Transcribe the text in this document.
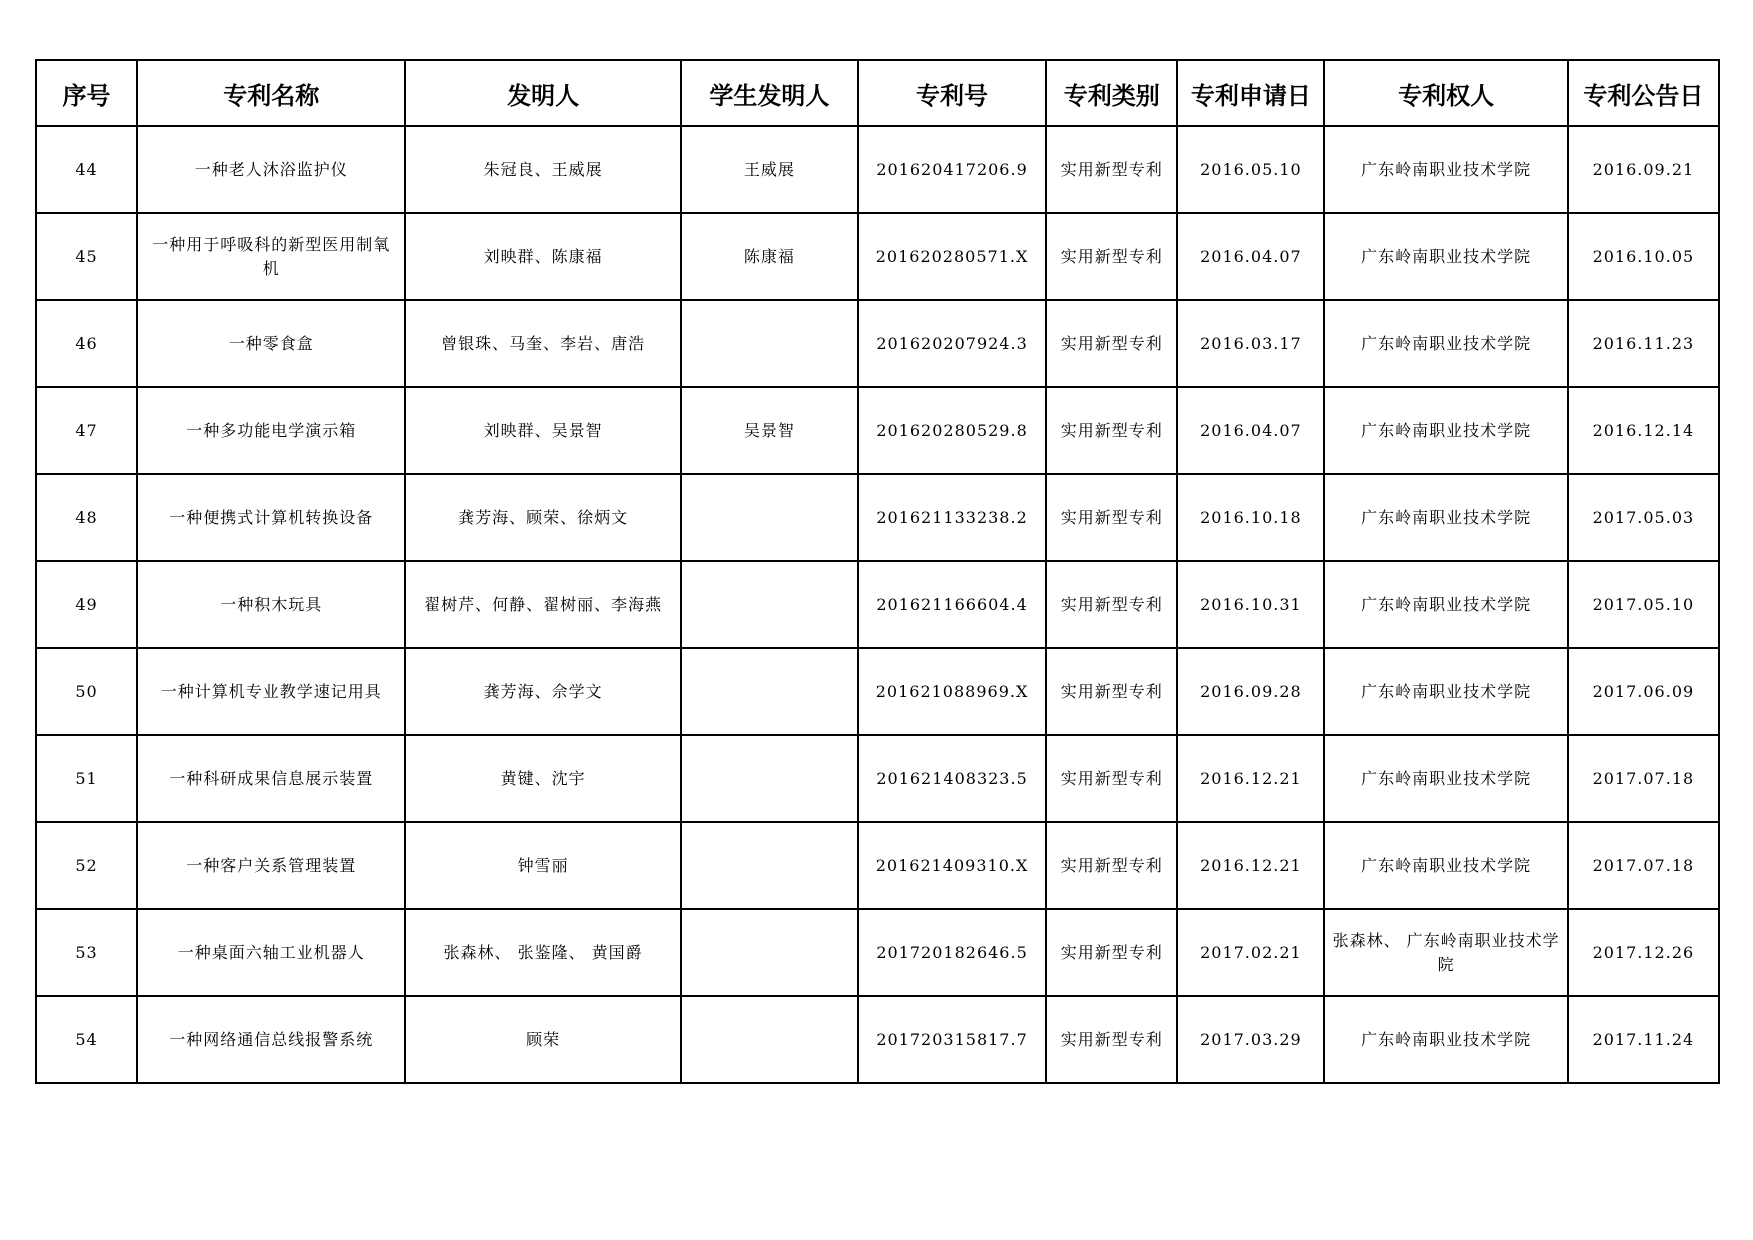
序号	专利名称	发明人	学生发明人	专利号	专利类别	专利申请日	专利权人	专利公告日
44	一种老人沐浴监护仪	朱冠良、王威展	王威展	201620417206.9	实用新型专利	2016.05.10	广东岭南职业技术学院	2016.09.21
45	一种用于呼吸科的新型医用制氧机	刘映群、陈康福	陈康福	201620280571.X	实用新型专利	2016.04.07	广东岭南职业技术学院	2016.10.05
46	一种零食盒	曾银珠、马奎、李岩、唐浩		201620207924.3	实用新型专利	2016.03.17	广东岭南职业技术学院	2016.11.23
47	一种多功能电学演示箱	刘映群、吴景智	吴景智	201620280529.8	实用新型专利	2016.04.07	广东岭南职业技术学院	2016.12.14
48	一种便携式计算机转换设备	龚芳海、顾荣、徐炳文		201621133238.2	实用新型专利	2016.10.18	广东岭南职业技术学院	2017.05.03
49	一种积木玩具	翟树芹、何静、翟树丽、李海燕		201621166604.4	实用新型专利	2016.10.31	广东岭南职业技术学院	2017.05.10
50	一种计算机专业教学速记用具	龚芳海、佘学文		201621088969.X	实用新型专利	2016.09.28	广东岭南职业技术学院	2017.06.09
51	一种科研成果信息展示装置	黄键、沈宇		201621408323.5	实用新型专利	2016.12.21	广东岭南职业技术学院	2017.07.18
52	一种客户关系管理装置	钟雪丽		201621409310.X	实用新型专利	2016.12.21	广东岭南职业技术学院	2017.07.18
53	一种桌面六轴工业机器人	张森林、 张鉴隆、 黄国爵		201720182646.5	实用新型专利	2017.02.21	张森林、 广东岭南职业技术学院	2017.12.26
54	一种网络通信总线报警系统	顾荣		201720315817.7	实用新型专利	2017.03.29	广东岭南职业技术学院	2017.11.24
